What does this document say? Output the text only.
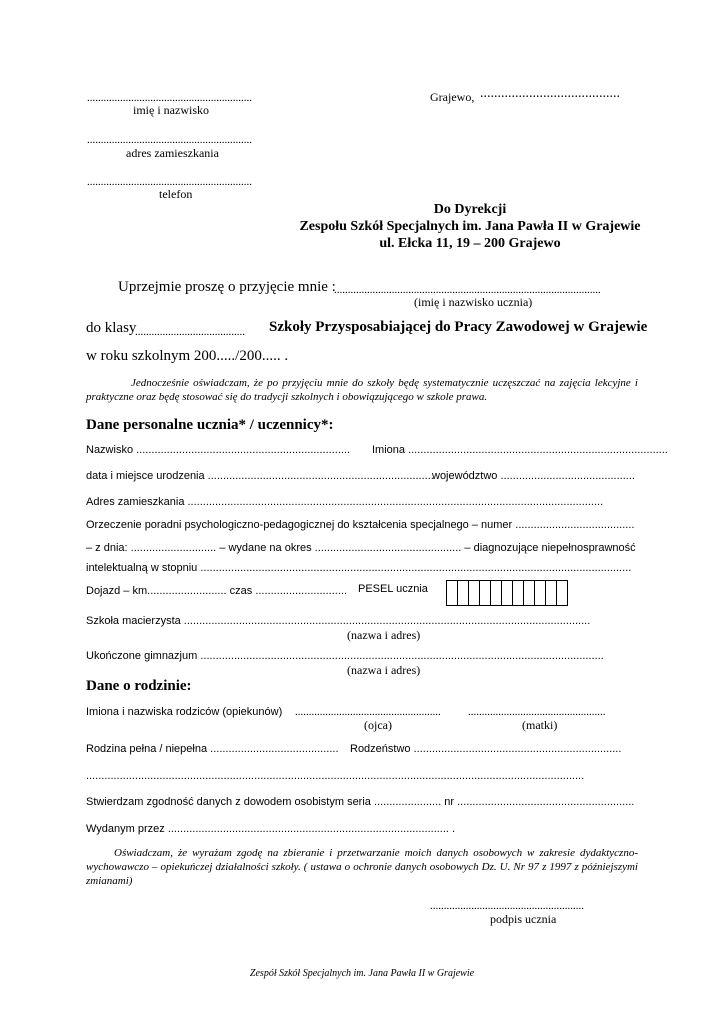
............................................................
imię i nazwisko
............................................................
adres zamieszkania
............................................................
telefon
Grajewo, ........................................
Do Dyrekcji
Zespołu Szkół Specjalnych im. Jana Pawła II w Grajewie
ul. Ełcka 11, 19 – 200 Grajewo
Uprzejmie proszę o przyjęcie mnie :
.................................................................................................
(imię i nazwisko ucznia)
do klasy
........................................ Szkoły Przysposabiającej do Pracy Zawodowej w Grajewie
w roku szkolnym 200...../200..... .
Jednocześnie oświadczam, że po przyjęciu mnie do szkoły będę systematycznie uczęszczać na zajęcia lekcyjne i praktyczne oraz będę stosować się do tradycji szkolnych i obowiązującego w szkole prawa.
Dane personalne ucznia* / uczennicy*:
Nazwisko ...................................................................... Imiona .....................................................................................
data i miejsce urodzenia ..........................................................................
województwo ............................................
Adres zamieszkania ........................................................................................................................................
Orzeczenie poradni psychologiczno-pedagogicznej do kształcenia specjalnego – numer .......................................
– z dnia: ............................ – wydane na okres ................................................ – diagnozujące niepełnosprawność
intelektualną w stopniu .............................................................................................................................................
Dojazd – km.......................... czas .............................. PESEL ucznia
Szkoła macierzysta .....................................................................................................................................
(nazwa i adres)
Ukończone gimnazjum ....................................................................................................................................
(nazwa i adres)
Dane o rodzinie:
Imiona i nazwiska rodziców (opiekunów) ..................................................... ..................................................
(ojca)	(matki)
Rodzina pełna / niepełna .......................................... Rodzeństwo ....................................................................
...................................................................................................................................................................
Stwierdzam zgodność danych z dowodem osobistym seria ...................... nr ..........................................................
Wydanym przez ............................................................................................ .
Oświadczam, że wyrażam zgodę na zbieranie i przetwarzanie moich danych osobowych w zakresie dydaktyczno-wychowawczo – opiekuńczej działalności szkoły. ( ustawa o ochronie danych osobowych Dz. U. Nr 97 z 1997 z późniejszymi zmianami)
........................................................
podpis ucznia
Zespół Szkół Specjalnych im. Jana Pawła II w Grajewie
